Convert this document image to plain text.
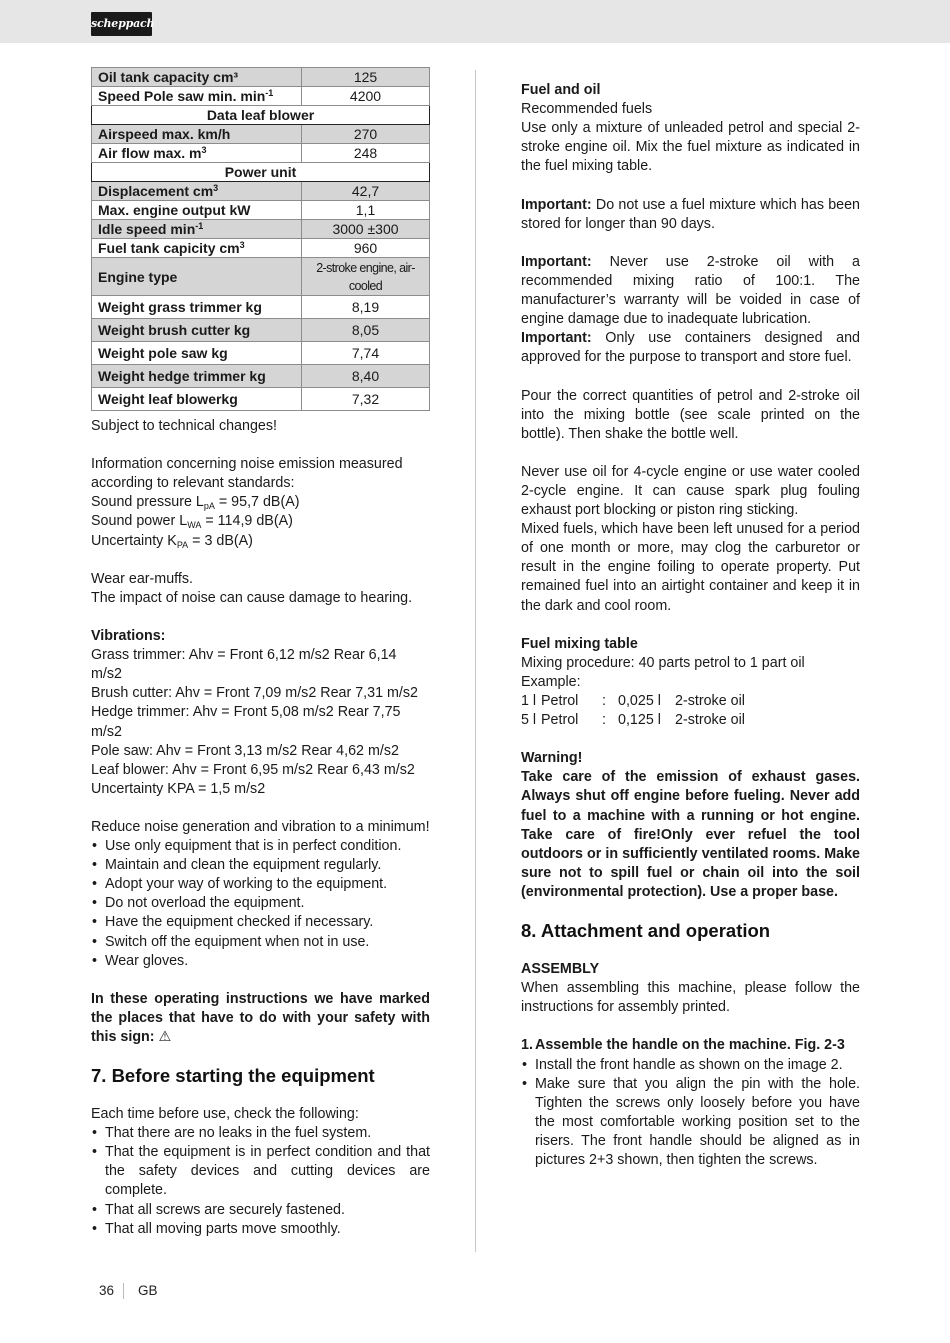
scheppach
Oil tank capacity cm³	125
Speed Pole saw min. $\min^{-1}$	4200
Data leaf blower	
Airspeed max. km/h	270
Air flow max. $m^3$	248
Power unit	
Displacement $cm^3$	42,7
Max. engine output kW	1,1
Idle speed $\min^{-1}$	3000 ±300
Fuel tank capicity $cm^3$	960
Engine type	2-stroke engine, air-cooled
Weight grass trimmer kg	8,19
Weight brush cutter kg	8,05
Weight pole saw kg	7,74
Weight hedge trimmer kg	8,40
Weight leaf blowerkg	7,32

Subject to technical changes!

Information concerning noise emission measured according to relevant standards:

Sound pressure $L_{pA} = 95,7$ dB(A)

Sound power $L_{WA} = 114,9$ dB(A)

Uncertainty $K_{PA} = 3$ dB(A)

Wear ear-muffs.

The impact of noise can cause damage to hearing.

Vibrations:

Grass trimmer: Ahv = Front 6,12 m/s2 Rear 6,14 m/s2

Brush cutter: Ahv = Front 7,09 m/s2 Rear 7,31 m/s2

Hedge trimmer: Ahv = Front 5,08 m/s2 Rear 7,75 m/s2

Pole saw: Ahv = Front 3,13 m/s2 Rear 4,62 m/s2

Leaf blower: Ahv = Front 6,95 m/s2 Rear 6,43 m/s2

Uncertainty KPA = 1,5 m/s2

Reduce noise generation and vibration to a minimum!

• Use only equipment that is in perfect condition.
• Maintain and clean the equipment regularly.
• Adopt your way of working to the equipment.
• Do not overload the equipment.
• Have the equipment checked if necessary.
• Switch off the equipment when not in use.
• Wear gloves.

In these operating instructions we have marked the places that have to do with your safety with this sign: ⚠

7. Before starting the equipment

Each time before use, check the following:

• That there are no leaks in the fuel system.
• That the equipment is in perfect condition and that the safety devices and cutting devices are complete.
• That all screws are securely fastened.
• That all moving parts move smoothly.

Fuel and oil

Recommended fuels

Use only a mixture of unleaded petrol and special 2-stroke engine oil. Mix the fuel mixture as indicated in the fuel mixing table.

Important: Do not use a fuel mixture which has been stored for longer than 90 days.

Important: Never use 2-stroke oil with a recommended mixing ratio of 100:1. The manufacturer’s warranty will be voided in case of engine damage due to inadequate lubrication.

Important: Only use containers designed and approved for the purpose to transport and store fuel.

Pour the correct quantities of petrol and 2-stroke oil into the mixing bottle (see scale printed on the bottle). Then shake the bottle well.

Never use oil for 4-cycle engine or use water cooled 2-cycle engine. It can cause spark plug fouling exhaust port blocking or piston ring sticking.

Mixed fuels, which have been left unused for a period of one month or more, may clog the carburetor or result in the engine foiling to operate property. Put remained fuel into an airtight container and keep it in the dark and cool room.

Fuel mixing table

Mixing procedure: 40 parts petrol to 1 part oil

Example:

1 l Petrol	: 0,025 l 2-stroke oil
5 l Petrol	: 0,125 l 2-stroke oil

Warning!

Take care of the emission of exhaust gases. Always shut off engine before fueling. Never add fuel to a machine with a running or hot engine. Take care of fire!Only ever refuel the tool outdoors or in sufficiently ventilated rooms. Make sure not to spill fuel or chain oil into the soil (environmental protection). Use a proper base.

8. Attachment and operation

ASSEMBLY

When assembling this machine, please follow the instructions for assembly printed.

1. Assemble the handle on the machine. Fig. 2-3

• Install the front handle as shown on the image 2.
• Make sure that you align the pin with the hole. Tighten the screws only loosely before you have the most comfortable working position set to the risers. The front handle should be aligned as in pictures 2+3 shown, then tighten the screws.
36 GB
